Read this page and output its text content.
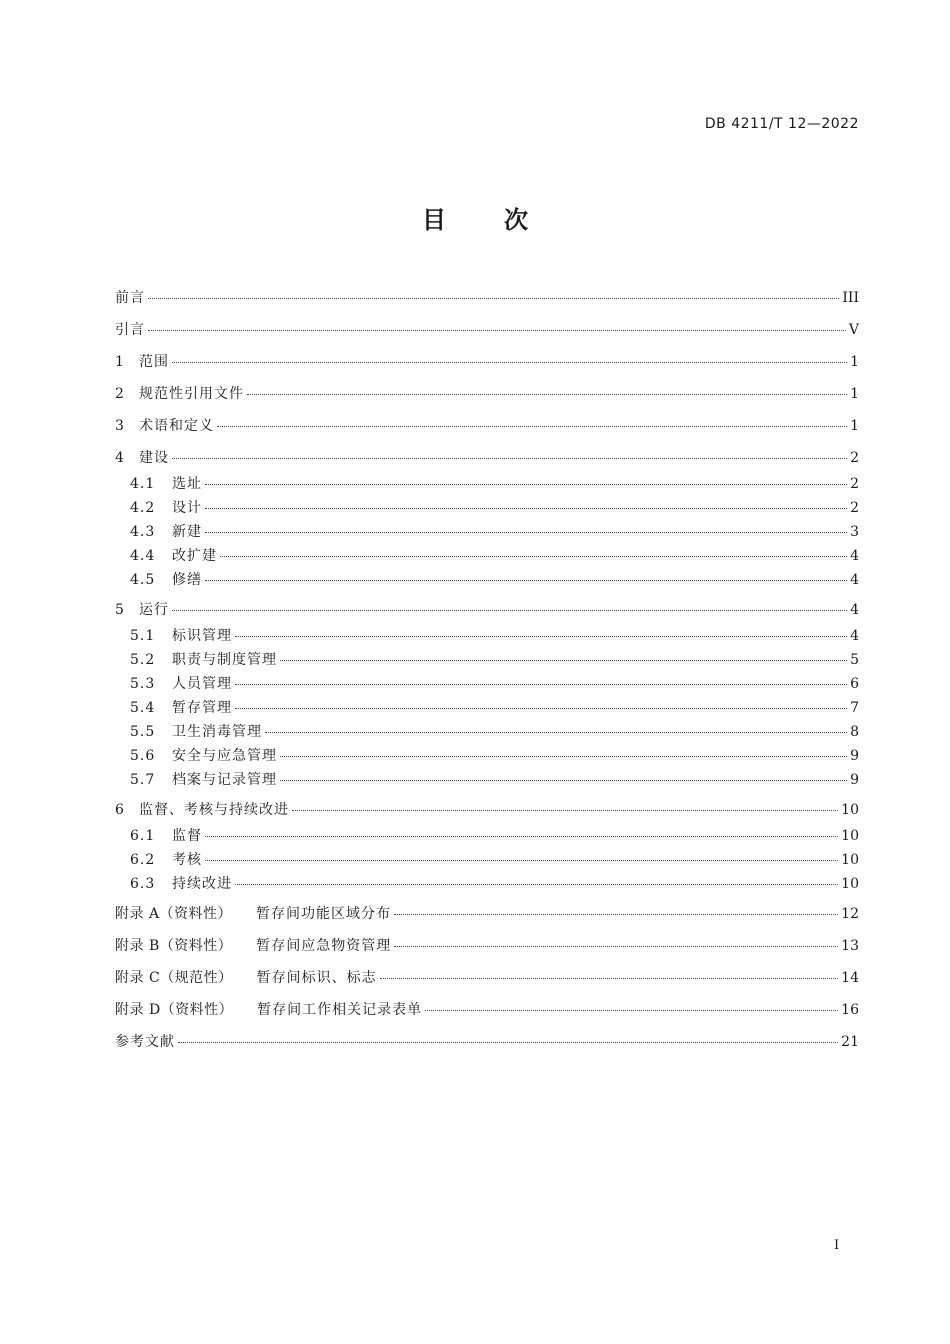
DB 4211/T 12—2022
目 次
前言	III
引言	V
1	范围	1
2	规范性引用文件	1
3	术语和定义	1
4	建设	2
4.1	选址	2
4.2	设计	2
4.3	新建	3
4.4	改扩建	4
4.5	修缮	4
5	运行	4
5.1	标识管理	4
5.2	职责与制度管理	5
5.3	人员管理	6
5.4	暂存管理	7
5.5	卫生消毒管理	8
5.6	安全与应急管理	9
5.7	档案与记录管理	9
6	监督、考核与持续改进	10
6.1	监督	10
6.2	考核	10
6.3	持续改进	10
附录 A（资料性） 暂存间功能区域分布	12
附录 B（资料性） 暂存间应急物资管理	13
附录 C（规范性） 暂存间标识、标志	14
附录 D（资料性） 暂存间工作相关记录表单	16
参考文献	21
I
